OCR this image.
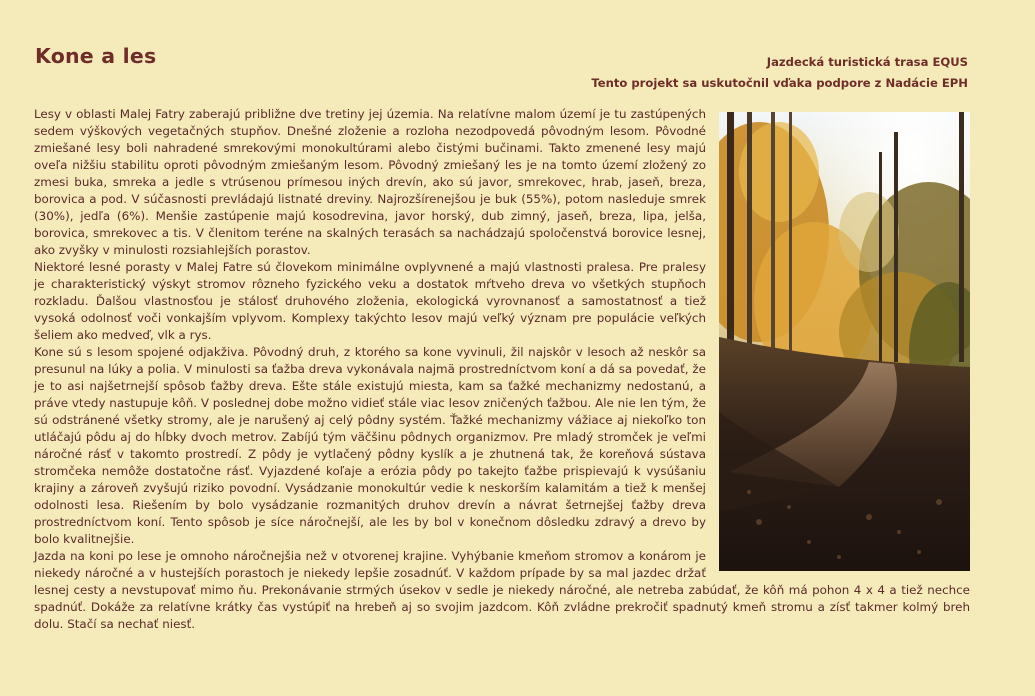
Kone a les	Jazdecká turistická trasa EQUS
Tento projekt sa uskutočnil vďaka podpore z Nadácie EPH

Lesy v oblasti Malej Fatry zaberajú približne dve tretiny jej územia. Na relatívne malom území je tu zastúpených sedem výškových vegetačných stupňov. Dnešné zloženie a rozloha nezodpovedá pôvodným lesom. Pôvodné zmiešané lesy boli nahradené smrekovými monokultúrami alebo čistými bučinami. Takto zmenené lesy majú oveľa nižšiu stabilitu oproti pôvodným zmiešaným lesom. Pôvodný zmiešaný les je na tomto území zložený zo zmesi buka, smreka a jedle s vtrúsenou prímesou iných drevín, ako sú javor, smrekovec, hrab, jaseň, breza, borovica a pod. V súčasnosti prevládajú listnaté dreviny. Najrozšírenejšou je buk (55%), potom nasleduje smrek (30%), jedľa (6%). Menšie zastúpenie majú kosodrevina, javor horský, dub zimný, jaseň, breza, lipa, jelša, borovica, smrekovec a tis. V členitom teréne na skalných terasách sa nachádzajú spoločenstvá borovice lesnej, ako zvyšky v minulosti rozsiahlejších porastov.

Niektoré lesné porasty v Malej Fatre sú človekom minimálne ovplyvnené a majú vlastnosti pralesa. Pre pralesy je charakteristický výskyt stromov rôzneho fyzického veku a dostatok mŕtveho dreva vo všetkých stupňoch rozkladu. Ďalšou vlastnosťou je stálosť druhového zloženia, ekologická vyrovnanosť a samostatnosť a tiež vysoká odolnosť voči vonkajším vplyvom. Komplexy takýchto lesov majú veľký význam pre populácie veľkých šeliem ako medveď, vlk a rys.

Kone sú s lesom spojené odjakživa. Pôvodný druh, z ktorého sa kone vyvinuli, žil najskôr v lesoch až neskôr sa presunul na lúky a polia. V minulosti sa ťažba dreva vykonávala najmä prostredníctvom koní a dá sa povedať, že je to asi najšetrnejší spôsob ťažby dreva. Ešte stále existujú miesta, kam sa ťažké mechanizmy nedostanú, a práve vtedy nastupuje kôň. V poslednej dobe možno vidieť stále viac lesov zničených ťažbou. Ale nie len tým, že sú odstránené všetky stromy, ale je narušený aj celý pôdny systém. Ťažké mechanizmy vážiace aj niekoľko ton utláčajú pôdu aj do hĺbky dvoch metrov. Zabíjú tým väčšinu pôdnych organizmov. Pre mladý stromček je veľmi náročné rásť v takomto prostredí. Z pôdy je vytlačený pôdny kyslík a je zhutnená tak, že koreňová sústava stromčeka nemôže dostatočne rásť. Vyjazdené koľaje a erózia pôdy po takejto ťažbe prispievajú k vysúšaniu krajiny a zároveň zvyšujú riziko povodní. Vysádzanie monokultúr vedie k neskorším kalamitám a tiež k menšej odolnosti lesa. Riešením by bolo vysádzanie rozmanitých druhov drevín a návrat šetrnejšej ťažby dreva prostredníctvom koní. Tento spôsob je síce náročnejší, ale les by bol v konečnom dôsledku zdravý a drevo by bolo kvalitnejšie.

Jazda na koni po lese je omnoho náročnejšia než v otvorenej krajine. Vyhýbanie kmeňom stromov a konárom je niekedy náročné a v hustejších porastoch je niekedy lepšie zosadnúť. V každom prípade by sa mal jazdec držať lesnej cesty a nevstupovať mimo ňu. Prekonávanie strmých úsekov v sedle je niekedy náročné, ale netreba zabúdať, že kôň má pohon 4 x 4 a tiež nechce spadnúť. Dokáže za relatívne krátky čas vystúpiť na hrebeň aj so svojim jazdcom. Kôň zvládne prekročiť spadnutý kmeň stromu a zísť takmer kolmý breh dolu. Stačí sa nechať niesť.
